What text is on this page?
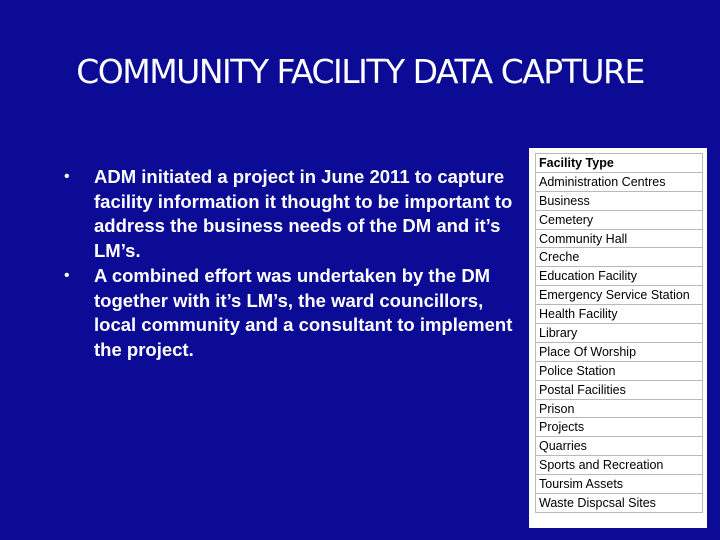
COMMUNITY FACILITY DATA CAPTURE
• ADM initiated a project in June 2011 to capture facility information it thought to be important to address the business needs of the DM and it’s LM’s.
• A combined effort was undertaken by the DM together with it’s LM’s, the ward councillors, local community and a consultant to implement the project.
Facility Type
Administration Centres
Business
Cemetery
Community Hall
Creche
Education Facility
Emergency Service Station
Health Facility
Library
Place Of Worship
Police Station
Postal Facilities
Prison
Projects
Quarries
Sports and Recreation
Toursim Assets
Waste Dispcsal Sites
